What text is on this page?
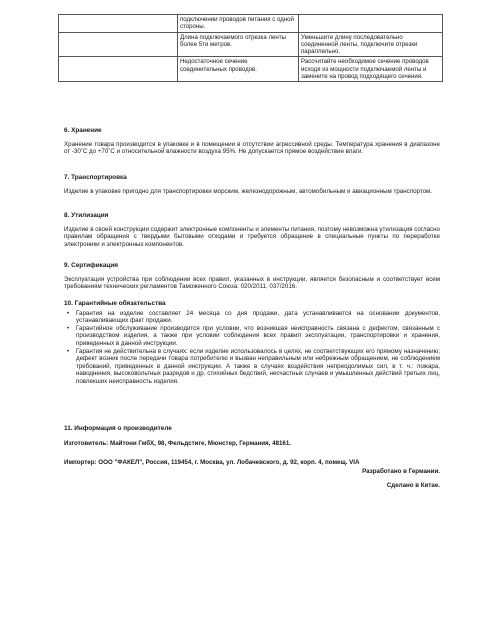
	подключении проводов питания с одной стороны.	
	Длина подключаемого отрезка ленты более 5ти метров.	Уменьшите длину последовательно соединенной ленты, подключите отрезки параллельно.
	Недостаточное сечение соединительных проводов.	Рассчитайте необходимое сечение проводов исходя из мощности подключаемой ленты и замените на провод подходящего сечения.
6. Хранение
Хранение товара производится в упаковке и в помещении в отсутствии агрессивной среды. Температура хранения в диапазоне от -30˚С до +70˚С и относительной влажности воздуха 95%. Не допускается прямое воздействие влаги.
7. Транспортировка
Изделие в упаковке пригодно для транспортировки морским, железнодорожным, автомобильным и авиационным транспортом.
8. Утилизация
Изделие в своей конструкции содержит электронные компоненты и элементы питания, поэтому невозможна утилизация согласно правилам обращения с твердыми бытовыми отходами и требуется обращение в специальные пункты по переработке электроники и электронных компонентов.
9. Сертификация
Эксплуатация устройства при соблюдении всех правил, указанных в инструкции, является безопасным и соответствует всем требованиям технических регламентов Таможенного Союза: 020/2011, 037/2016.
10. Гарантийные обязательства
• Гарантия на изделие составляет 24 месяца со дня продажи, дата устанавливается на основании документов, устанавливающих факт продажи.
• Гарантийное обслуживание производится при условии, что возникшая неисправность связана с дефектом, связанным с производством изделия, а также при условии соблюдения всех правил эксплуатации, транспортировки и хранения, приведенных в данной инструкции.
• Гарантия не действительна в случаях: если изделие использовалось в целях, не соответствующих его прямому назначению; дефект возник после передачи товара потребителю и вызван неправильным или небрежным обращением, не соблюдением требований, приведенных в данной инструкции. А также в случаях воздействия непреодолимых сил, в т. ч.: пожара, наводнения, высоковольтных разрядов и др. стихийных бедствий, несчастных случаев и умышленных действий третьих лиц, повлекших неисправность изделия.
11. Информация о производителе
Изготовитель: Майтони ГмбХ, 98, Фельдстиге, Мюнстер, Германия, 48161.
Импортер: ООО "ФАКЕЛ", Россия, 119454, г. Москва, ул. Лобачевского, д. 92, корп. 4, помещ. VIA
Разработано в Германии.
Сделано в Китае.
